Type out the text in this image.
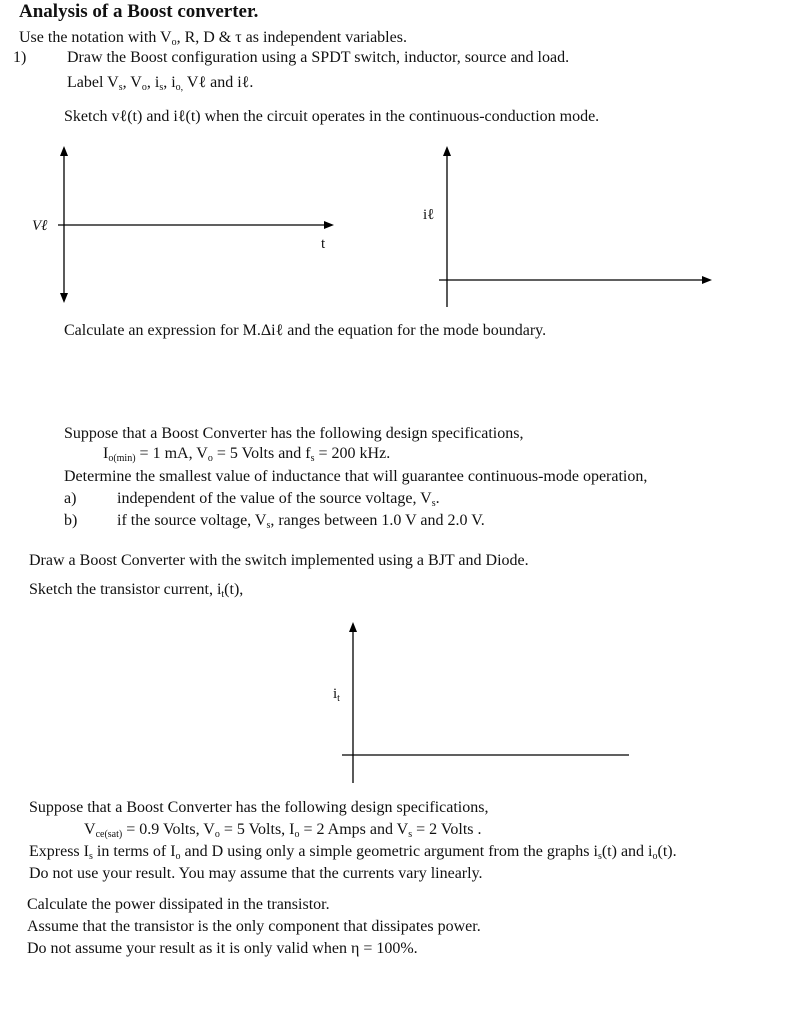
Analysis of a Boost converter.
Use the notation with $V_o$, R, D & τ as independent variables.
1)	Draw the Boost configuration using a SPDT switch, inductor, source and load.
Label $V_s$, $V_o$, $i_s$, $i_{o,}$ Vℓ and iℓ.
Sketch vℓ(t) and iℓ(t) when the circuit operates in the continuous-conduction mode.
Vℓ
t
iℓ
Calculate an expression for M.Δiℓ and the equation for the mode boundary.
Suppose that a Boost Converter has the following design specifications,
$I_{o(min)} = 1$ mA, $V_o = 5$ Volts and $f_s = 200$ kHz.
Determine the smallest value of inductance that will guarantee continuous-mode operation,
a)	independent of the value of the source voltage, $V_s$.
b) if the source voltage, $V_s$, ranges between 1.0 V and 2.0 V.
Draw a Boost Converter with the switch implemented using a BJT and Diode.
Sketch the transistor current, $i_t(t)$,
$i_t$
Suppose that a Boost Converter has the following design specifications,
$V_{ce(sat)} = 0.9$ Volts, $V_o = 5$ Volts, $I_o = 2$ Amps and $V_s = 2$ Volts .
Express $I_s$ in terms of $I_o$ and D using only a simple geometric argument from the graphs $i_s(t)$ and $i_o(t)$.
Do not use your result. You may assume that the currents vary linearly.
Calculate the power dissipated in the transistor.
Assume that the transistor is the only component that dissipates power.
Do not assume your result as it is only valid when η = 100%.
